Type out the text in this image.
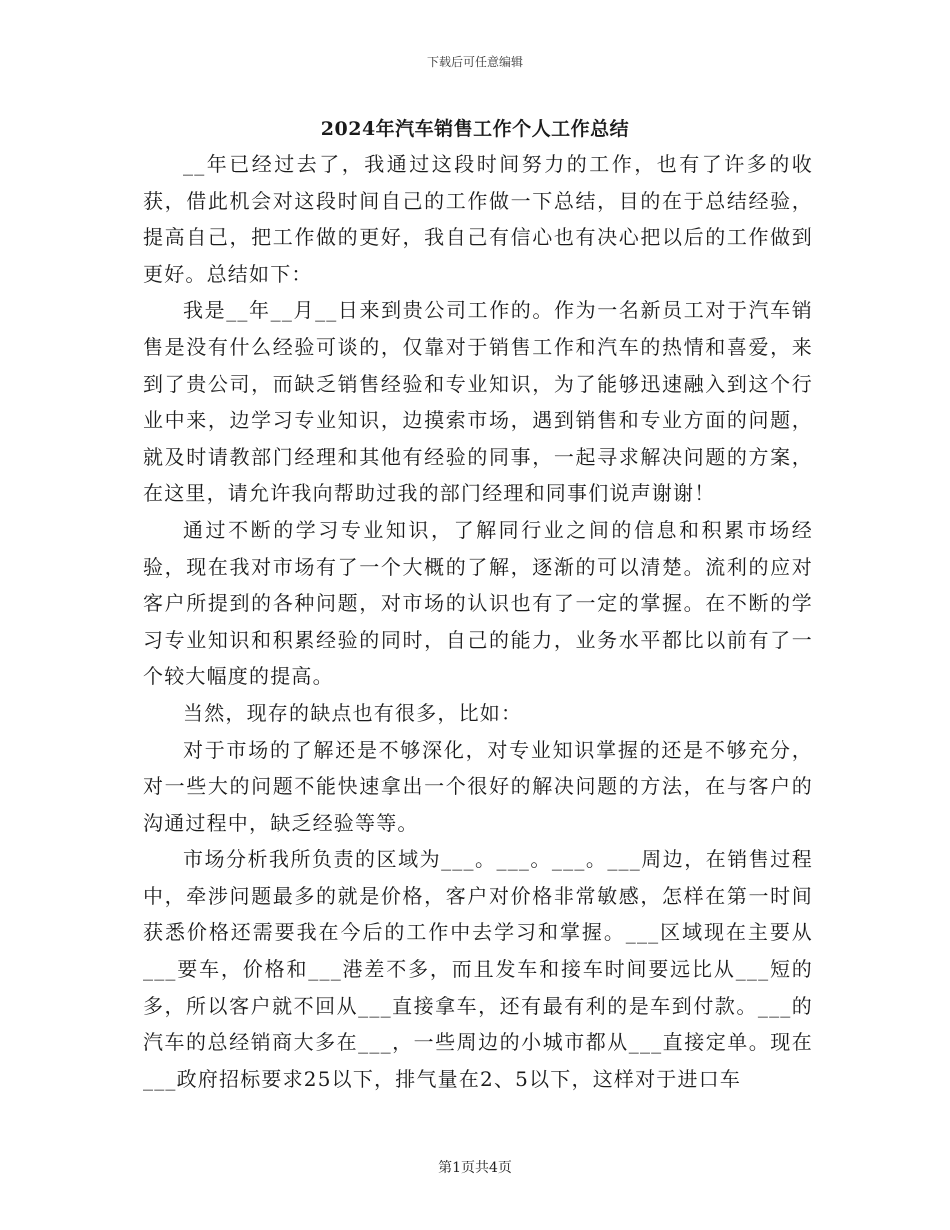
下载后可任意编辑
2024年汽车销售工作个人工作总结

__年已经过去了，我通过这段时间努力的工作，也有了许多的收获，借此机会对这段时间自己的工作做一下总结，目的在于总结经验，提高自己，把工作做的更好，我自己有信心也有决心把以后的工作做到更好。总结如下：

我是__年__月__日来到贵公司工作的。作为一名新员工对于汽车销售是没有什么经验可谈的，仅靠对于销售工作和汽车的热情和喜爱，来到了贵公司，而缺乏销售经验和专业知识，为了能够迅速融入到这个行业中来，边学习专业知识，边摸索市场，遇到销售和专业方面的问题，就及时请教部门经理和其他有经验的同事，一起寻求解决问题的方案，在这里，请允许我向帮助过我的部门经理和同事们说声谢谢！

通过不断的学习专业知识，了解同行业之间的信息和积累市场经验，现在我对市场有了一个大概的了解，逐渐的可以清楚。流利的应对客户所提到的各种问题，对市场的认识也有了一定的掌握。在不断的学习专业知识和积累经验的同时，自己的能力，业务水平都比以前有了一个较大幅度的提高。

当然，现存的缺点也有很多，比如：

对于市场的了解还是不够深化，对专业知识掌握的还是不够充分，对一些大的问题不能快速拿出一个很好的解决问题的方法，在与客户的沟通过程中，缺乏经验等等。

市场分析我所负责的区域为___。___。___。___周边，在销售过程中，牵涉问题最多的就是价格，客户对价格非常敏感，怎样在第一时间获悉价格还需要我在今后的工作中去学习和掌握。___区域现在主要从___要车，价格和___港差不多，而且发车和接车时间要远比从___短的多，所以客户就不回从___直接拿车，还有最有利的是车到付款。___的汽车的总经销商大多在___，一些周边的小城市都从___直接定单。现在___政府招标要求25以下，排气量在2、5以下，这样对于进口车

第1页共4页
